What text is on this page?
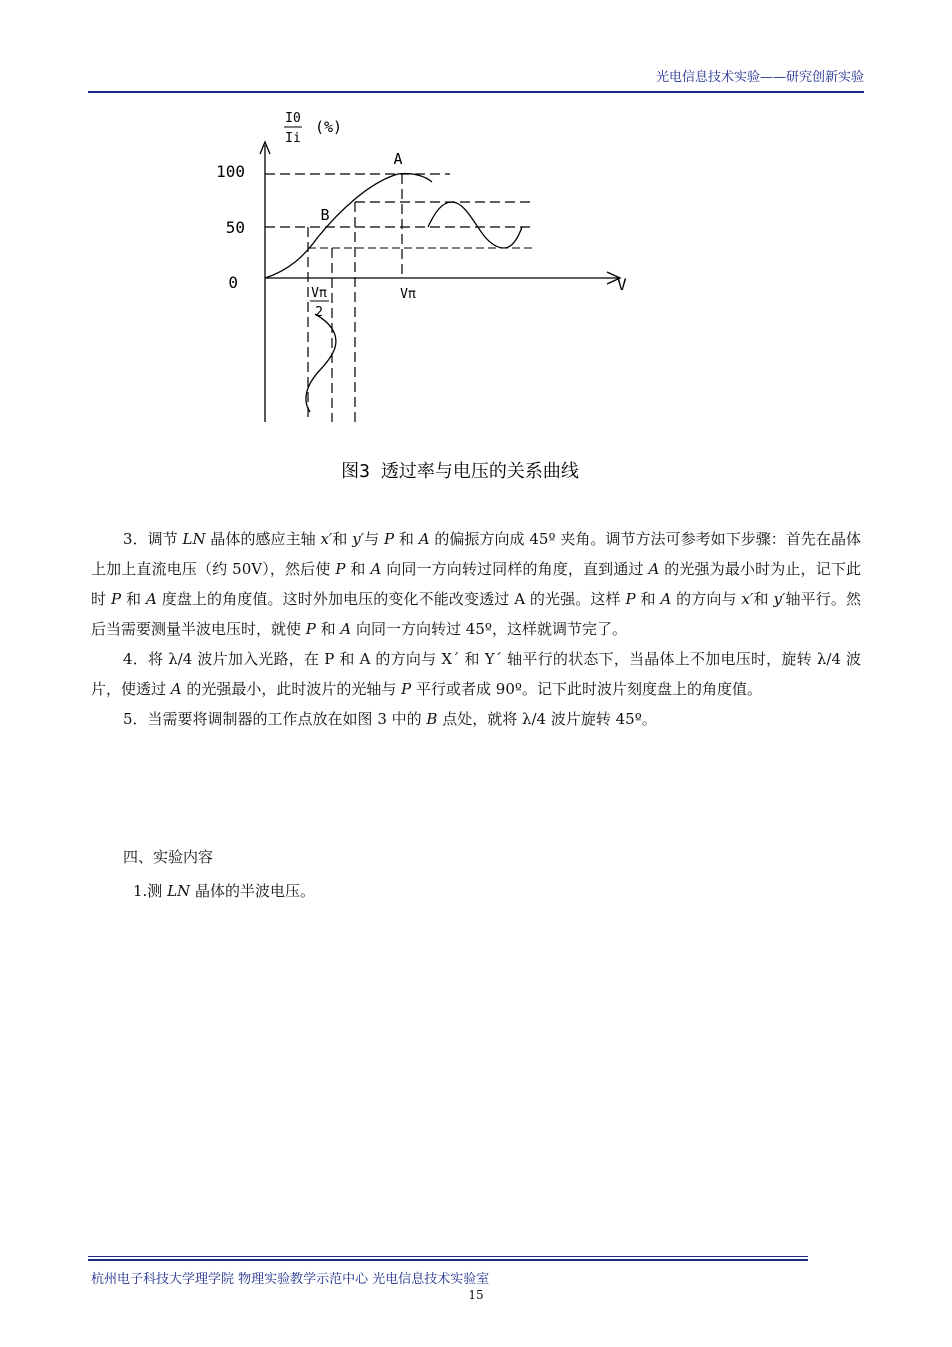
光电信息技术实验——研究创新实验
I0
Ii
(%)
100
50
0	V
A
B
Vπ
2
Vπ
图3 透过率与电压的关系曲线

3．调节 LN 晶体的感应主轴 x′和 y′与 P 和 A 的偏振方向成 45º 夹角。调节方法可参考如下步骤：首先在晶体上加上直流电压（约 50V），然后使 P 和 A 向同一方向转过同样的角度，直到通过 A 的光强为最小时为止，记下此时 P 和 A 度盘上的角度值。这时外加电压的变化不能改变透过 A 的光强。这样 P 和 A 的方向与 x′和 y′轴平行。然后当需要测量半波电压时，就使 P 和 A 向同一方向转过 45º，这样就调节完了。

4．将 λ/4 波片加入光路，在 P 和 A 的方向与 X΄ 和 Y΄ 轴平行的状态下，当晶体上不加电压时，旋转 λ/4 波片，使透过 A 的光强最小，此时波片的光轴与 P 平行或者成 90º。记下此时波片刻度盘上的角度值。

5．当需要将调制器的工作点放在如图 3 中的 B 点处，就将 λ/4 波片旋转 45º。

四、实验内容
1.测 LN 晶体的半波电压。
杭州电子科技大学理学院 物理实验教学示范中心 光电信息技术实验室
15
